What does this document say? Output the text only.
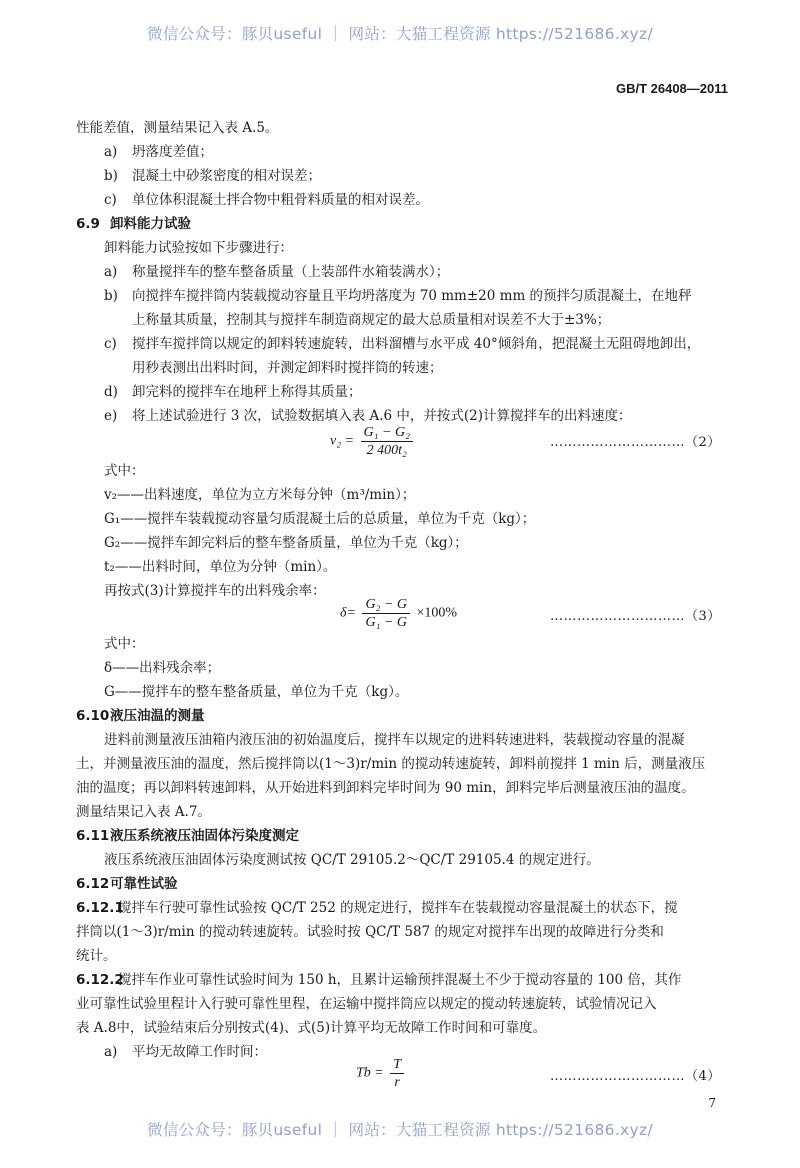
微信公众号：豚贝useful ｜ 网站：大猫工程资源 https://521686.xyz/
GB/T 26408—2011
性能差值，测量结果记入表 A.5。
a) 坍落度差值；
b) 混凝土中砂浆密度的相对误差；
c) 单位体积混凝土拌合物中粗骨料质量的相对误差。
6.9 卸料能力试验
卸料能力试验按如下步骤进行：
a) 称量搅拌车的整车整备质量（上装部件水箱装满水）；
b) 向搅拌车搅拌筒内装载搅动容量且平均坍落度为 70 mm±20 mm 的预拌匀质混凝土，在地秤
上称量其质量，控制其与搅拌车制造商规定的最大总质量相对误差不大于±3%；
c) 搅拌车搅拌筒以规定的卸料转速旋转，出料溜槽与水平成 40°倾斜角，把混凝土无阻碍地卸出，
用秒表测出出料时间，并测定卸料时搅拌筒的转速；
d) 卸完料的搅拌车在地秤上称得其质量；
e) 将上述试验进行 3 次，试验数据填入表 A.6 中，并按式(2)计算搅拌车的出料速度：
$v_2 = \frac{\text{G₁ − G₂}}{\text{2 400t₂}}$	…………………………（2）
式中：
v₂——出料速度，单位为立方米每分钟（m³/min）；
G₁——搅拌车装载搅动容量匀质混凝土后的总质量，单位为千克（kg）；
G₂——搅拌车卸完料后的整车整备质量，单位为千克（kg）；
t₂——出料时间，单位为分钟（min）。
再按式(3)计算搅拌车的出料残余率：
$\delta= \frac{\text{G₂ − G}}{\text{G₁ − G}} \times 100\%$	…………………………（3）
式中：
δ——出料残余率；
G——搅拌车的整车整备质量，单位为千克（kg）。
6.10液压油温的测量
进料前测量液压油箱内液压油的初始温度后，搅拌车以规定的进料转速进料，装载搅动容量的混凝
土，并测量液压油的温度，然后搅拌筒以(1～3)r/min 的搅动转速旋转，卸料前搅拌 1 min 后，测量液压
油的温度；再以卸料转速卸料，从开始进料到卸料完毕时间为 90 min，卸料完毕后测量液压油的温度。
测量结果记入表 A.7。
6.11液压系统液压油固体污染度测定
液压系统液压油固体污染度测试按 QC/T 29105.2～QC/T 29105.4 的规定进行。
6.12可靠性试验
6.12.1搅拌车行驶可靠性试验按 QC/T 252 的规定进行，搅拌车在装载搅动容量混凝土的状态下，搅
拌筒以(1～3)r/min 的搅动转速旋转。试验时按 QC/T 587 的规定对搅拌车出现的故障进行分类和
统计。
6.12.2搅拌车作业可靠性试验时间为 150 h，且累计运输预拌混凝土不少于搅动容量的 100 倍，其作
业可靠性试验里程计入行驶可靠性里程，在运输中搅拌筒应以规定的搅动转速旋转，试验情况记入
表 A.8中，试验结束后分别按式(4)、式(5)计算平均无故障工作时间和可靠度。
a) 平均无故障工作时间：
$Tb = \frac{T}{r}$	…………………………（4）
7
微信公众号：豚贝useful ｜ 网站：大猫工程资源 https://521686.xyz/
